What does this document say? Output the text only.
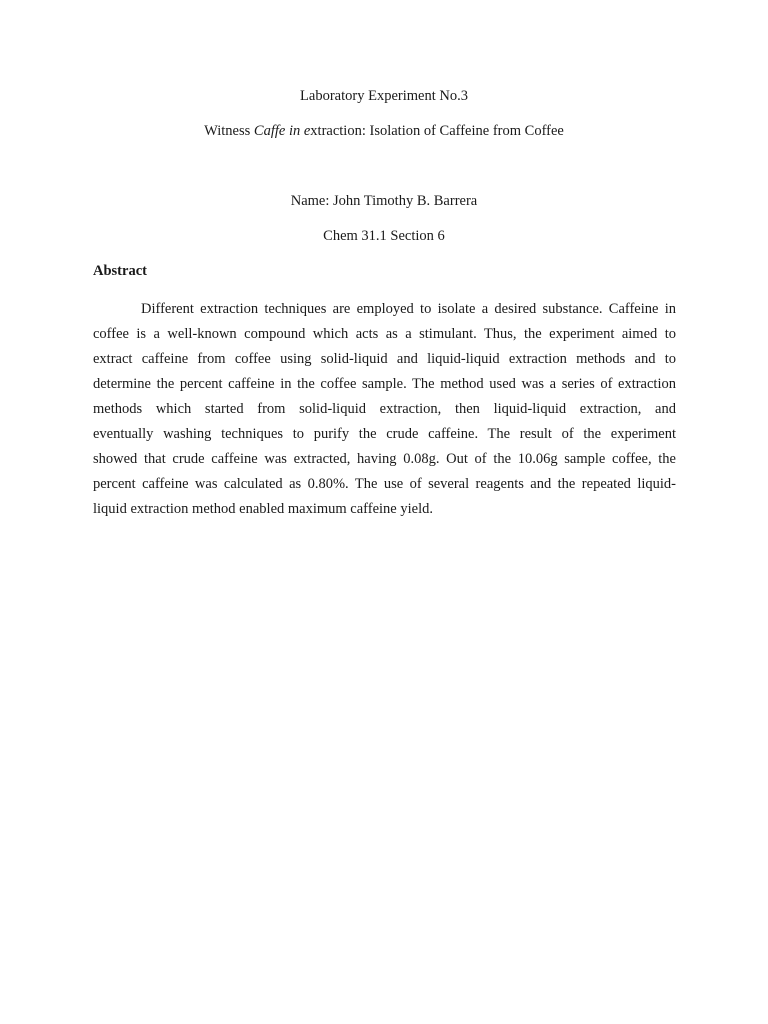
Laboratory Experiment No.3
Witness Caffe in extraction: Isolation of Caffeine from Coffee
Name: John Timothy B. Barrera
Chem 31.1 Section 6
Abstract
Different extraction techniques are employed to isolate a desired substance. Caffeine in
coffee is a well-known compound which acts as a stimulant. Thus, the experiment aimed to
extract caffeine from coffee using solid-liquid and liquid-liquid extraction methods and to
determine the percent caffeine in the coffee sample. The method used was a series of extraction
methods which started from solid-liquid extraction, then liquid-liquid extraction, and
eventually washing techniques to purify the crude caffeine. The result of the experiment
showed that crude caffeine was extracted, having 0.08g. Out of the 10.06g sample coffee, the
percent caffeine was calculated as 0.80%. The use of several reagents and the repeated liquid-
liquid extraction method enabled maximum caffeine yield.
